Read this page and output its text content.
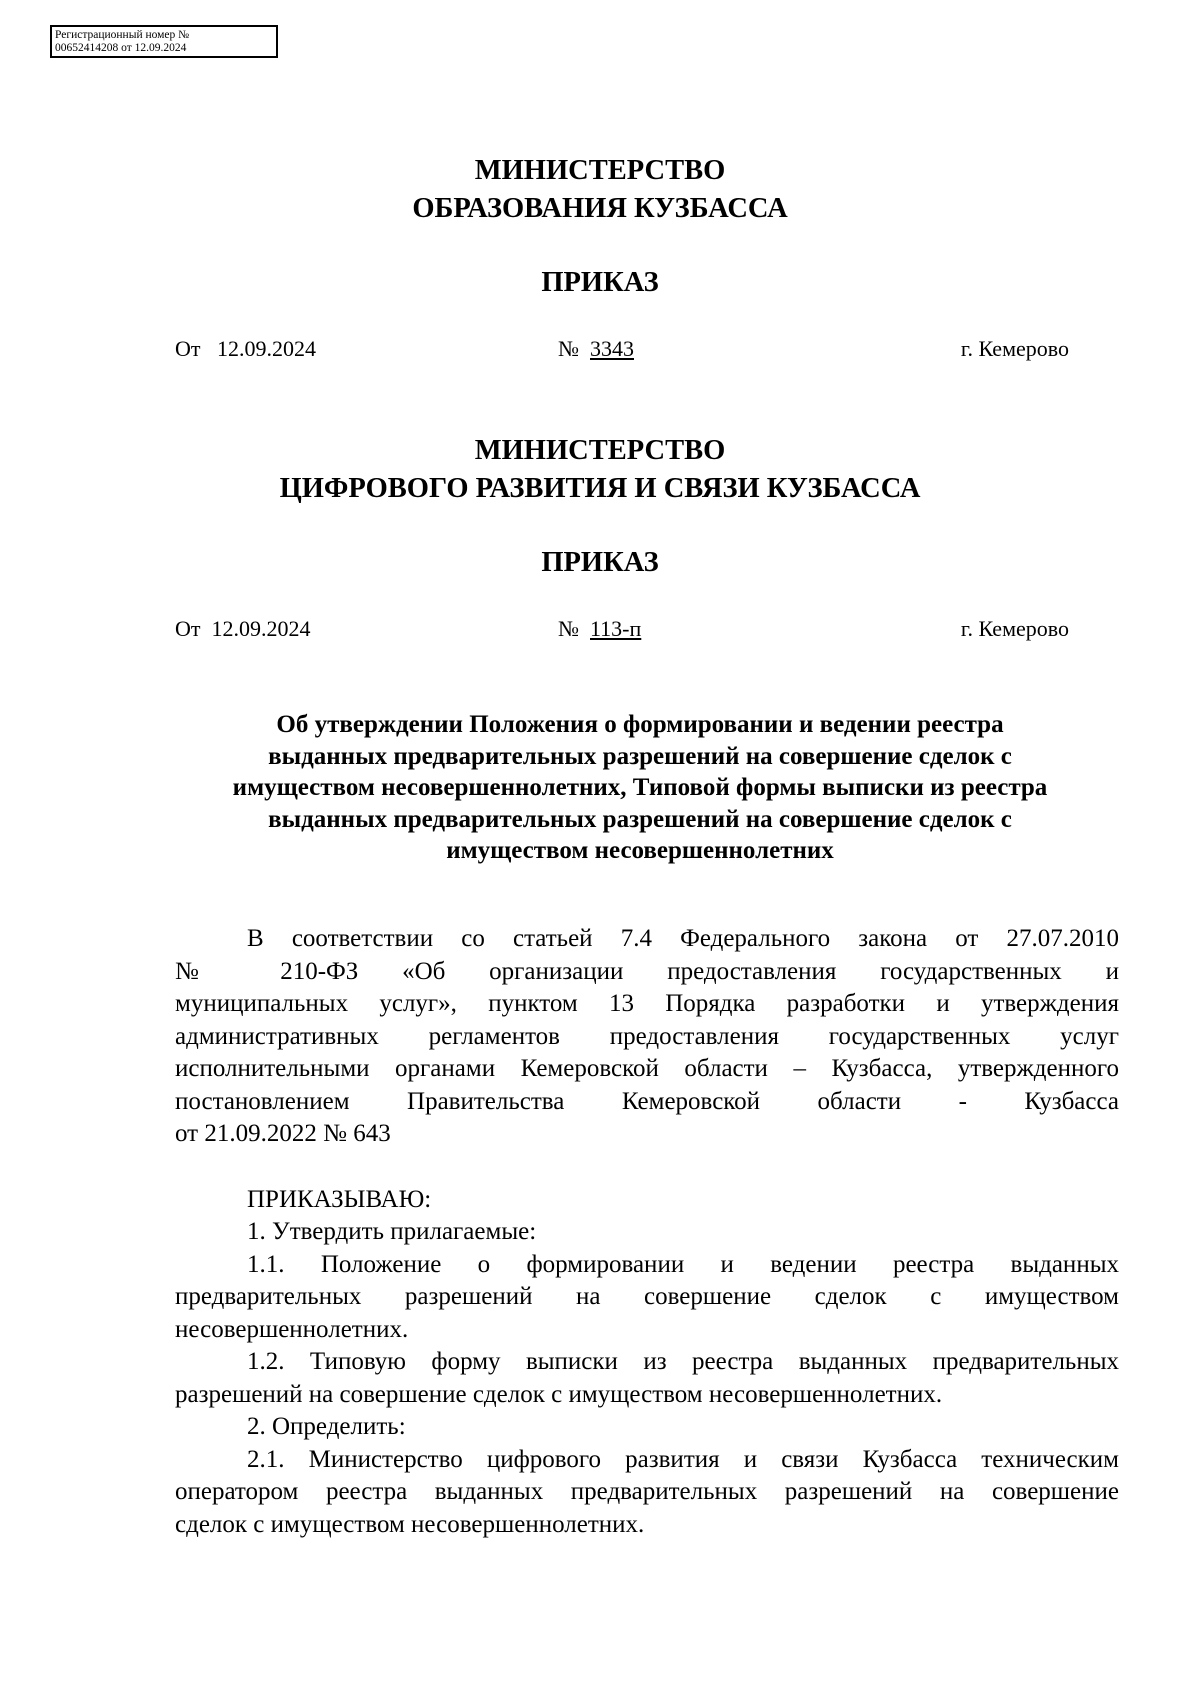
Регистрационный номер №
00652414208 от 12.09.2024
МИНИСТЕРСТВО
ОБРАЗОВАНИЯ КУЗБАССА
ПРИКАЗ
От 12.09.2024	№ 3343	г. Кемерово
МИНИСТЕРСТВО
ЦИФРОВОГО РАЗВИТИЯ И СВЯЗИ КУЗБАССА
ПРИКАЗ
От 12.09.2024	№ 113-п	г. Кемерово
Об утверждении Положения о формировании и ведении реестра
выданных предварительных разрешений на совершение сделок с
имуществом несовершеннолетних, Типовой формы выписки из реестра
выданных предварительных разрешений на совершение сделок с
имуществом несовершеннолетних

В соответствии со статьей 7.4 Федерального закона от 27.07.2010
№ 210-ФЗ «Об организации предоставления государственных и
муниципальных услуг», пунктом 13 Порядка разработки и утверждения
административных регламентов предоставления государственных услуг
исполнительными органами Кемеровской области – Кузбасса, утвержденного
постановлением Правительства Кемеровской области - Кузбасса
от 21.09.2022 № 643

ПРИКАЗЫВАЮ:

1. Утвердить прилагаемые:

1.1. Положение о формировании и ведении реестра выданных
предварительных разрешений на совершение сделок с имуществом
несовершеннолетних.

1.2. Типовую форму выписки из реестра выданных предварительных
разрешений на совершение сделок с имуществом несовершеннолетних.

2. Определить:

2.1. Министерство цифрового развития и связи Кузбасса техническим
оператором реестра выданных предварительных разрешений на совершение
сделок с имуществом несовершеннолетних.
